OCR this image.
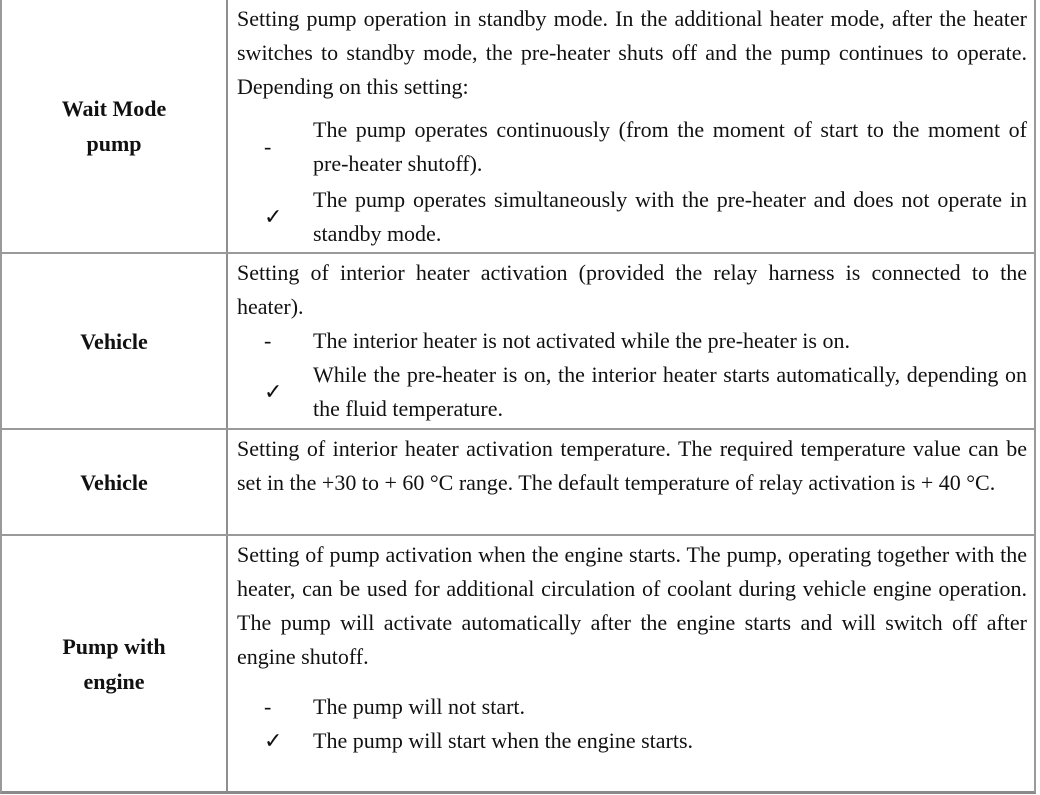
Wait Mode
pump

Setting pump operation in standby mode. In the additional heater mode, after the heater switches to standby mode, the pre-heater shuts off and the pump continues to operate. Depending on this setting:

-
The pump operates continuously (from the moment of start to the moment of pre-heater shutoff).
✓
The pump operates simultaneously with the pre-heater and does not operate in standby mode.
Vehicle

Setting of interior heater activation (provided the relay harness is connected to the heater).

-	The interior heater is not activated while the pre-heater is on.
✓
While the pre-heater is on, the interior heater starts automatically, depending on the fluid temperature.
Vehicle

Setting of interior heater activation temperature. The required temperature value can be set in the +30 to + 60 °C range. The default temperature of relay activation is + 40 °C.

Pump with
engine

Setting of pump activation when the engine starts. The pump, operating together with the heater, can be used for additional circulation of coolant during vehicle engine operation. The pump will activate automatically after the engine starts and will switch off after engine shutoff.

-	The pump will not start.
✓	The pump will start when the engine starts.
